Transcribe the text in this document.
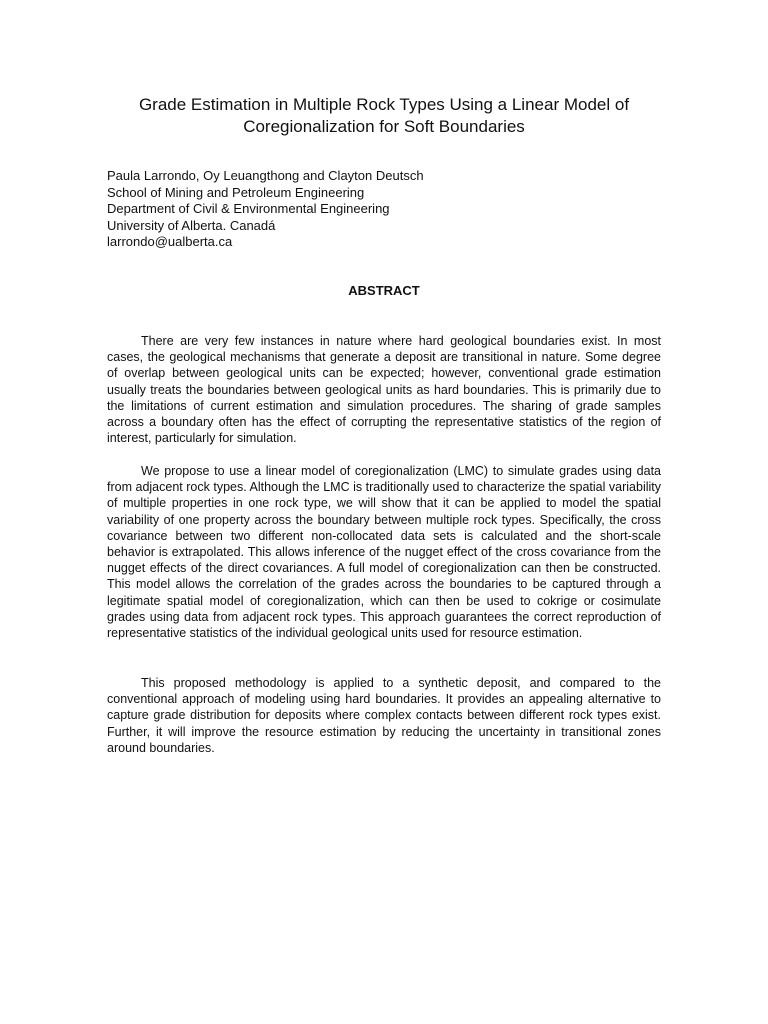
Grade Estimation in Multiple Rock Types Using a Linear Model of
Coregionalization for Soft Boundaries
Paula Larrondo, Oy Leuangthong and Clayton Deutsch
School of Mining and Petroleum Engineering
Department of Civil & Environmental Engineering
University of Alberta. Canadá
larrondo@ualberta.ca
ABSTRACT

There are very few instances in nature where hard geological boundaries exist. In most cases, the geological mechanisms that generate a deposit are transitional in nature. Some degree of overlap between geological units can be expected; however, conventional grade estimation usually treats the boundaries between geological units as hard boundaries. This is primarily due to the limitations of current estimation and simulation procedures. The sharing of grade samples across a boundary often has the effect of corrupting the representative statistics of the region of interest, particularly for simulation.

We propose to use a linear model of coregionalization (LMC) to simulate grades using data from adjacent rock types. Although the LMC is traditionally used to characterize the spatial variability of multiple properties in one rock type, we will show that it can be applied to model the spatial variability of one property across the boundary between multiple rock types. Specifically, the cross covariance between two different non-collocated data sets is calculated and the short-scale behavior is extrapolated. This allows inference of the nugget effect of the cross covariance from the nugget effects of the direct covariances. A full model of coregionalization can then be constructed. This model allows the correlation of the grades across the boundaries to be captured through a legitimate spatial model of coregionalization, which can then be used to cokrige or cosimulate grades using data from adjacent rock types. This approach guarantees the correct reproduction of representative statistics of the individual geological units used for resource estimation.

This proposed methodology is applied to a synthetic deposit, and compared to the conventional approach of modeling using hard boundaries. It provides an appealing alternative to capture grade distribution for deposits where complex contacts between different rock types exist. Further, it will improve the resource estimation by reducing the uncertainty in transitional zones around boundaries.
